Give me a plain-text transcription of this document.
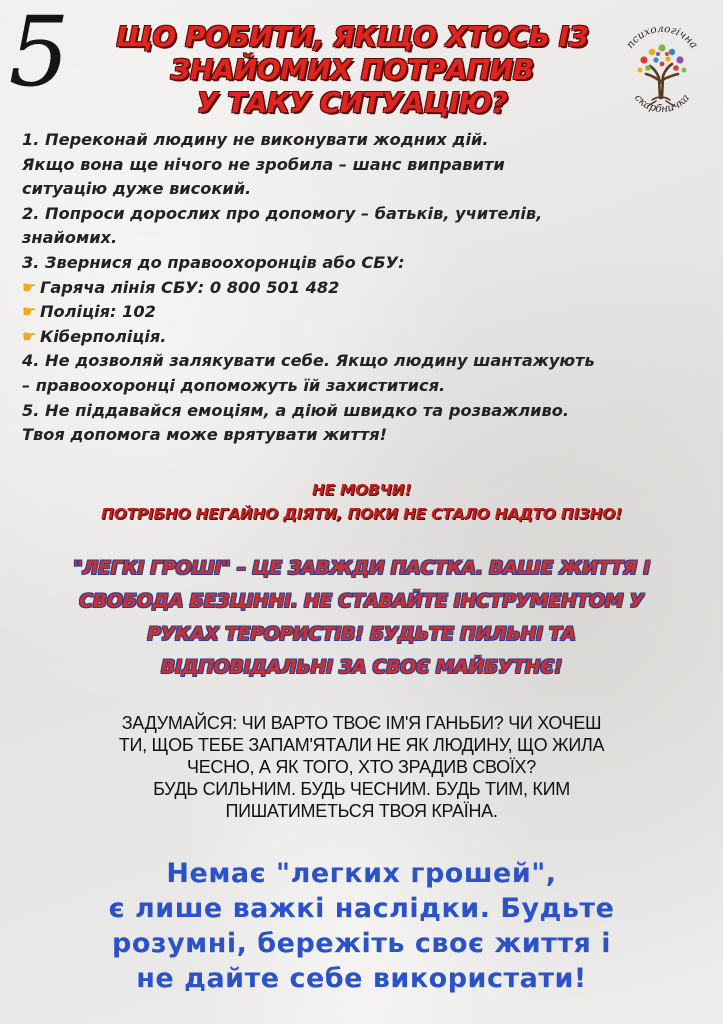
5	ЩО РОБИТИ, ЯКЩО ХТОСЬ ІЗ
ЗНАЙОМИХ ПОТРАПИВ
У ТАКУ СИТУАЦІЮ?
психологічна
скарбничка
1. Переконай людину не виконувати жодних дій.
Якщо вона ще нічого не зробила – шанс виправити
ситуацію дуже високий.
2. Попроси дорослих про допомогу – батьків, учителів,
знайомих.
3. Звернися до правоохоронців або СБУ:
☛ Гаряча лінія СБУ: 0 800 501 482
☛ Поліція: 102
☛ Кіберполіція.
4. Не дозволяй залякувати себе. Якщо людину шантажують
– правоохоронці допоможуть їй захиститися.
5. Не піддавайся емоціям, а дiюй швидко та розважливо.
Твоя допомога може врятувати життя!
НЕ МОВЧИ!
ПОТРІБНО НЕГАЙНО ДІЯТИ, ПОКИ НЕ СТАЛО НАДТО ПІЗНО!
"ЛЕГКІ ГРОШІ" – ЦЕ ЗАВЖДИ ПАСТКА. ВАШЕ ЖИТТЯ І
СВОБОДА БЕЗЦІННІ. НЕ СТАВАЙТЕ ІНСТРУМЕНТОМ У
РУКАХ ТЕРОРИСТІВ! БУДЬТЕ ПИЛЬНІ ТА
ВІДПОВІДАЛЬНІ ЗА СВОЄ МАЙБУТНЄ!
ЗАДУМАЙСЯ: ЧИ ВАРТО ТВОЄ ІМ'Я ГАНЬБИ? ЧИ ХОЧЕШ
ТИ, ЩОБ ТЕБЕ ЗАПАМ'ЯТАЛИ НЕ ЯК ЛЮДИНУ, ЩО ЖИЛА
ЧЕСНО, А ЯК ТОГО, ХТО ЗРАДИВ СВОЇХ?
БУДЬ СИЛЬНИМ. БУДЬ ЧЕСНИМ. БУДЬ ТИМ, КИМ
ПИШАТИМЕТЬСЯ ТВОЯ КРАЇНА.
Немає "легких грошей",
є лише важкі наслідки. Будьте
розумні, бережіть своє життя і
не дайте себе використати!
